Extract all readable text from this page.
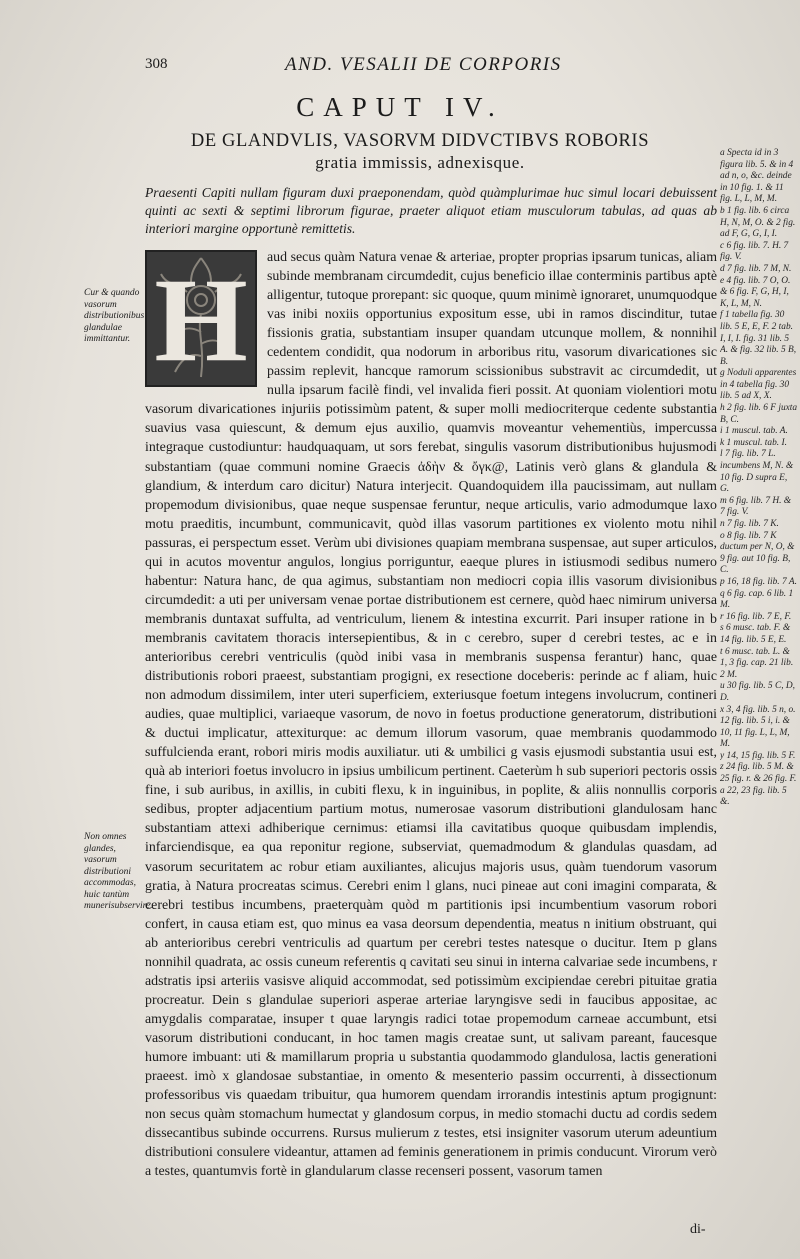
308	AND. VESALII DE CORPORIS
CAPUT IV.
DE GLANDVLIS, VASORVM DIDVCTIBVS ROBORIS
gratia immissis, adnexisque.
Praesenti Capiti nullam figuram duxi praeponendam, quòd quàmplurimae huc simul locari debuissent quinti ac sexti & septimi librorum figurae, praeter aliquot etiam musculorum tabulas, ad quas ab interiori margine opportunè remittetis.
Cur & quando vasorum distributionibus glandulae immittantur.
Non omnes glandes, vasorum distributioni accommodas, huic tantùm munerisubservire.
H	aud secus quàm Natura venae & arteriae, propter proprias ipsarum tunicas, aliam subinde membranam circumdedit, cujus beneficio illae conterminis partibus aptè alligentur, tutoque prorepant: sic quoque, quum minimè ignoraret, unumquodque vas inibi noxiis opportunius expositum esse, ubi in ramos discinditur, tutae fissionis gratia, substantiam insuper quandam utcunque mollem, & nonnihil cedentem condidit, qua nodorum in arboribus ritu, vasorum divaricationes sic passim replevit, hancque ramorum scissionibus substravit ac circumdedit, ut nulla ipsarum facilè findi, vel invalida fieri possit. At quoniam violentiori motu vasorum divaricationes injuriis potissimùm patent, & super molli mediocriterque cedente substantia suavius vasa quiescunt, & demum ejus auxilio, quamvis moveantur vehementiùs, impercussa integraque custodiuntur: haudquaquam, ut sors ferebat, singulis vasorum distributionibus hujusmodi substantiam (quae communi nomine Graecis ἀδὴν & ὄγκ@, Latinis verò glans & glandula & glandium, & interdum caro dicitur) Natura interjecit. Quandoquidem illa paucissimam, aut nullam propemodum divisionibus, quae neque suspensae feruntur, neque articulis, vario admodumque laxo motu praeditis, incumbunt, communicavit, quòd illas vasorum partitiones ex violento motu nihil passuras, ei perspectum esset. Verùm ubi divisiones quapiam membrana suspensae, aut super articulos, qui in acutos moventur angulos, longius porriguntur, eaeque plures in istiusmodi sedibus numero habentur: Natura hanc, de qua agimus, substantiam non mediocri copia illis vasorum divisionibus circumdedit: a uti per universam venae portae distributionem est cernere, quòd haec nimirum universa membranis duntaxat suffulta, ad ventriculum, lienem & intestina excurrit. Pari insuper ratione in b membranis cavitatem thoracis intersepientibus, & in c cerebro, super d cerebri testes, ac e in anterioribus cerebri ventriculis (quòd inibi vasa in membranis suspensa ferantur) hanc, quae distributionis robori praeest, substantiam progigni, ex resectione doceberis: perinde ac f aliam, huic non admodum dissimilem, inter uteri superficiem, exteriusque foetum integens involucrum, contineri audies, quae multiplici, variaeque vasorum, de novo in foetus productione generatorum, distributioni & ductui implicatur, attexiturque: ac demum illorum vasorum, quae membranis quodammodo suffulcienda erant, robori miris modis auxiliatur. uti & umbilici g vasis ejusmodi substantia usui est, quà ab interiori foetus involucro in ipsius umbilicum pertinent. Caeterùm h sub superiori pectoris ossis fine, i sub auribus, in axillis, in cubiti flexu, k in inguinibus, in poplite, & aliis nonnullis corporis sedibus, propter adjacentium partium motus, numerosae vasorum distributioni glandulosam hanc substantiam attexi adhiberique cernimus: etiamsi illa cavitatibus quoque quibusdam implendis, infarciendisque, ea qua reponitur regione, subserviat, quemadmodum & glandulas quasdam, ad vasorum securitatem ac robur etiam auxiliantes, alicujus majoris usus, quàm tuendorum vasorum gratia, à Natura procreatas scimus. Cerebri enim l glans, nuci pineae aut coni imagini comparata, & cerebri testibus incumbens, praeterquàm quòd m partitionis ipsi incumbentium vasorum robori confert, in causa etiam est, quo minus ea vasa deorsum dependentia, meatus n initium obstruant, qui ab anterioribus cerebri ventriculis ad quartum per cerebri testes natesque o ducitur. Item p glans nonnihil quadrata, ac ossis cuneum referentis q cavitati seu sinui in interna calvariae sede incumbens, r adstratis ipsi arteriis vasisve aliquid accommodat, sed potissimùm excipiendae cerebri pituitae gratia procreatur. Dein s glandulae superiori asperae arteriae laryngisve sedi in faucibus appositae, ac amygdalis comparatae, insuper t quae laryngis radici totae propemodum carneae accumbunt, etsi vasorum distributioni conducant, in hoc tamen magis creatae sunt, ut salivam pareant, faucesque humore imbuant: uti & mamillarum propria u substantia quodammodo glandulosa, lactis generationi praeest. imò x glandosae substantiae, in omento & mesenterio passim occurrenti, à dissectionum professoribus vis quaedam tribuitur, qua humorem quendam irrorandis intestinis aptum progignunt: non secus quàm stomachum humectat y glandosum corpus, in medio stomachi ductu ad cordis sedem dissecantibus subinde occurrens. Rursus mulierum z testes, etsi insigniter vasorum uterum adeuntium distributioni consulere videantur, attamen ad feminis generationem in primis conducunt. Virorum verò a testes, quantumvis fortè in glandularum classe recenseri possent, vasorum tamen

di-
a Specta id in 3 figura lib. 5. & in 4 ad n, o, &c. deinde in 10 fig. 1. & 11 fig. L, L, M, M.
b 1 fig. lib. 6 circa H, N, M, O. & 2 fig. ad F, G, G, I, I.
c 6 fig. lib. 7. H. 7 fig. V.
d 7 fig. lib. 7 M, N.
e 4 fig. lib. 7 O, O. & 6 fig. F, G, H, I, K, L, M, N.
f 1 tabella fig. 30 lib. 5 E, E, F. 2 tab. I, I, I. fig. 31 lib. 5 A. & fig. 32 lib. 5 B, B.
g Noduli apparentes in 4 tabella fig. 30 lib. 5 ad X, X.
h 2 fig. lib. 6 F juxta B, C.
i 1 muscul. tab. A.
k 1 muscul. tab. I.
l 7 fig. lib. 7 L. incumbens M, N. & 10 fig. D supra E, G.
m 6 fig. lib. 7 H. & 7 fig. V.
n 7 fig. lib. 7 K.
o 8 fig. lib. 7 K ductum per N, O, & 9 fig. aut 10 fig. B, C.
p 16, 18 fig. lib. 7 A.
q 6 fig. cap. 6 lib. 1 M.
r 16 fig. lib. 7 E, F.
s 6 musc. tab. F. & 14 fig. lib. 5 E, E.
t 6 musc. tab. L. & 1, 3 fig. cap. 21 lib. 2 M.
u 30 fig. lib. 5 C, D, D.
x 3, 4 fig. lib. 5 n, o. 12 fig. lib. 5 i, i. & 10, 11 fig. L, L, M, M.
y 14, 15 fig. lib. 5 F.
z 24 fig. lib. 5 M. & 25 fig. r. & 26 fig. F.
a 22, 23 fig. lib. 5 &.
